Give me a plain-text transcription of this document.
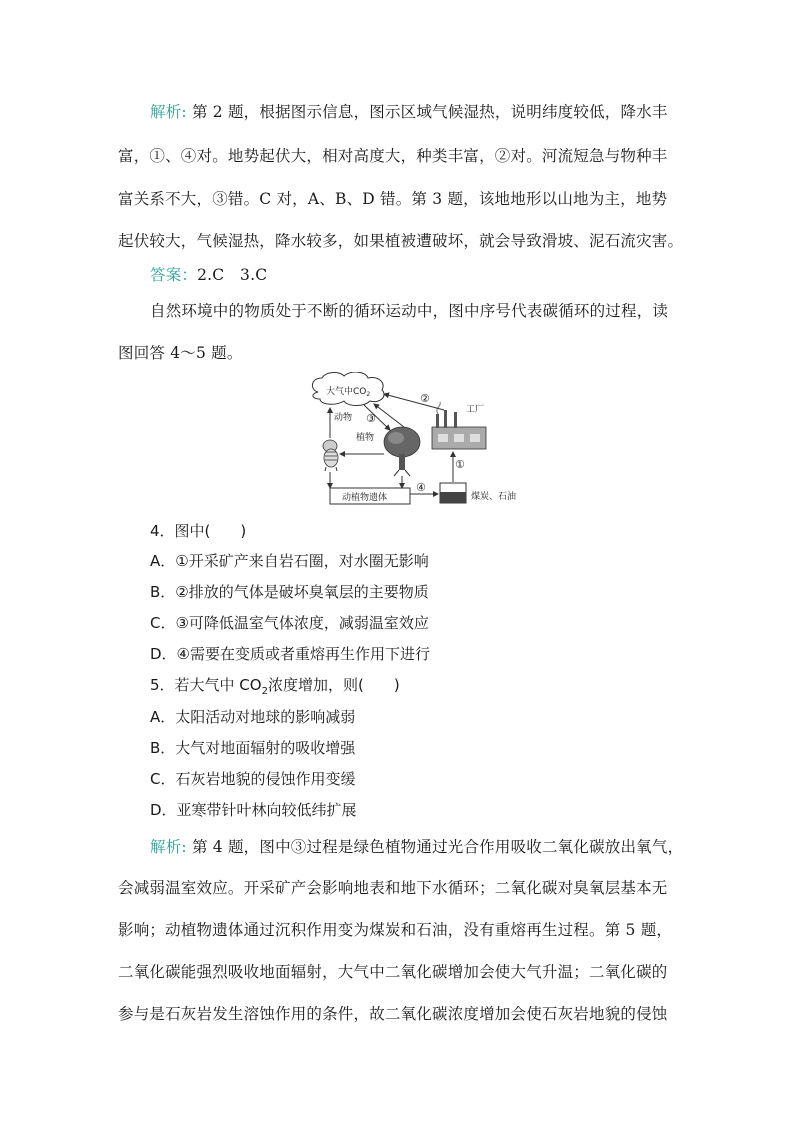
解析: 第 2 题，根据图示信息，图示区域气候湿热，说明纬度较低，降水丰
富，①、④对。地势起伏大，相对高度大，种类丰富，②对。河流短急与物种丰
富关系不大，③错。C 对，A、B、D 错。第 3 题，该地地形以山地为主，地势
起伏较大，气候湿热，降水较多，如果植被遭破坏，就会导致滑坡、泥石流灾害。
答案：2.C　3.C
自然环境中的物质处于不断的循环运动中，图中序号代表碳循环的过程，读
图回答 4～5 题。
大气中$CO_2$
动物
植物
③
工厂
②
煤炭、石油
①
动植物遗体
④
4．图中(　　)
A．①开采矿产来自岩石圈，对水圈无影响
B．②排放的气体是破坏臭氧层的主要物质
C．③可降低温室气体浓度，减弱温室效应
D．④需要在变质或者重熔再生作用下进行
5．若大气中 $CO_2$浓度增加，则(　　)
A．太阳活动对地球的影响减弱
B．大气对地面辐射的吸收增强
C．石灰岩地貌的侵蚀作用变缓
D．亚寒带针叶林向较低纬扩展
解析: 第 4 题，图中③过程是绿色植物通过光合作用吸收二氧化碳放出氧气，
会减弱温室效应。开采矿产会影响地表和地下水循环；二氧化碳对臭氧层基本无
影响；动植物遗体通过沉积作用变为煤炭和石油，没有重熔再生过程。第 5 题，
二氧化碳能强烈吸收地面辐射，大气中二氧化碳增加会使大气升温；二氧化碳的
参与是石灰岩发生溶蚀作用的条件，故二氧化碳浓度增加会使石灰岩地貌的侵蚀
